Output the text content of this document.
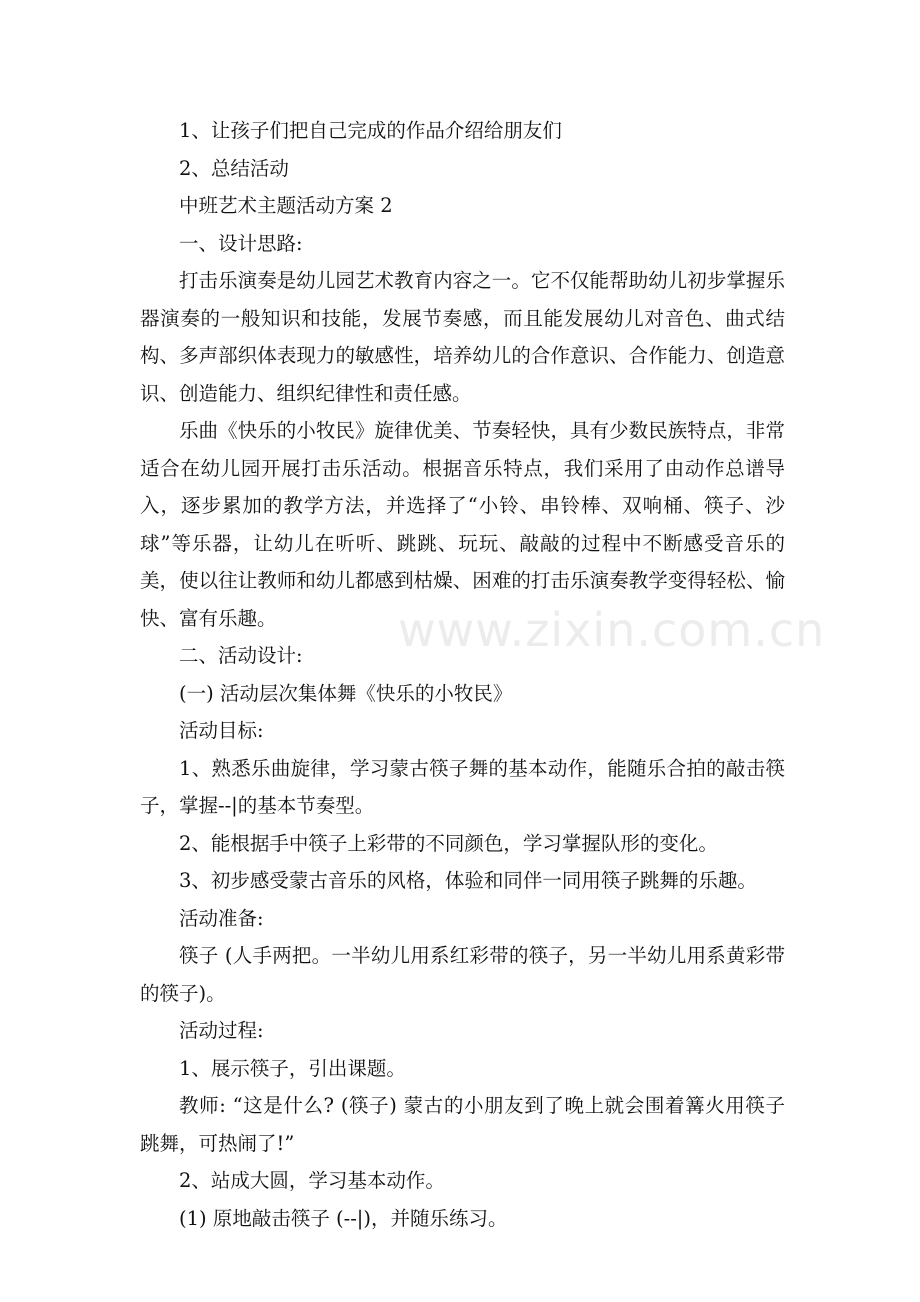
www.zixin.com.cn

1、让孩子们把自己完成的作品介绍给朋友们

2、总结活动

中班艺术主题活动方案 2

一、设计思路:

打击乐演奏是幼儿园艺术教育内容之一。它不仅能帮助幼儿初步掌握乐器演奏的一般知识和技能，发展节奏感，而且能发展幼儿对音色、曲式结构、多声部织体表现力的敏感性，培养幼儿的合作意识、合作能力、创造意识、创造能力、组织纪律性和责任感。

乐曲《快乐的小牧民》旋律优美、节奏轻快，具有少数民族特点，非常适合在幼儿园开展打击乐活动。根据音乐特点，我们采用了由动作总谱导入，逐步累加的教学方法，并选择了“小铃、串铃棒、双响桶、筷子、沙球”等乐器，让幼儿在听听、跳跳、玩玩、敲敲的过程中不断感受音乐的美，使以往让教师和幼儿都感到枯燥、困难的打击乐演奏教学变得轻松、愉快、富有乐趣。

二、活动设计:

(一) 活动层次集体舞《快乐的小牧民》

活动目标:

1、熟悉乐曲旋律，学习蒙古筷子舞的基本动作，能随乐合拍的敲击筷子，掌握--|的基本节奏型。

2、能根据手中筷子上彩带的不同颜色，学习掌握队形的变化。

3、初步感受蒙古音乐的风格，体验和同伴一同用筷子跳舞的乐趣。

活动准备:

筷子 (人手两把。一半幼儿用系红彩带的筷子，另一半幼儿用系黄彩带的筷子)。

活动过程:

1、展示筷子，引出课题。

教师: “这是什么? (筷子) 蒙古的小朋友到了晚上就会围着篝火用筷子跳舞，可热闹了!”

2、站成大圆，学习基本动作。

(1) 原地敲击筷子 (--|)，并随乐练习。
